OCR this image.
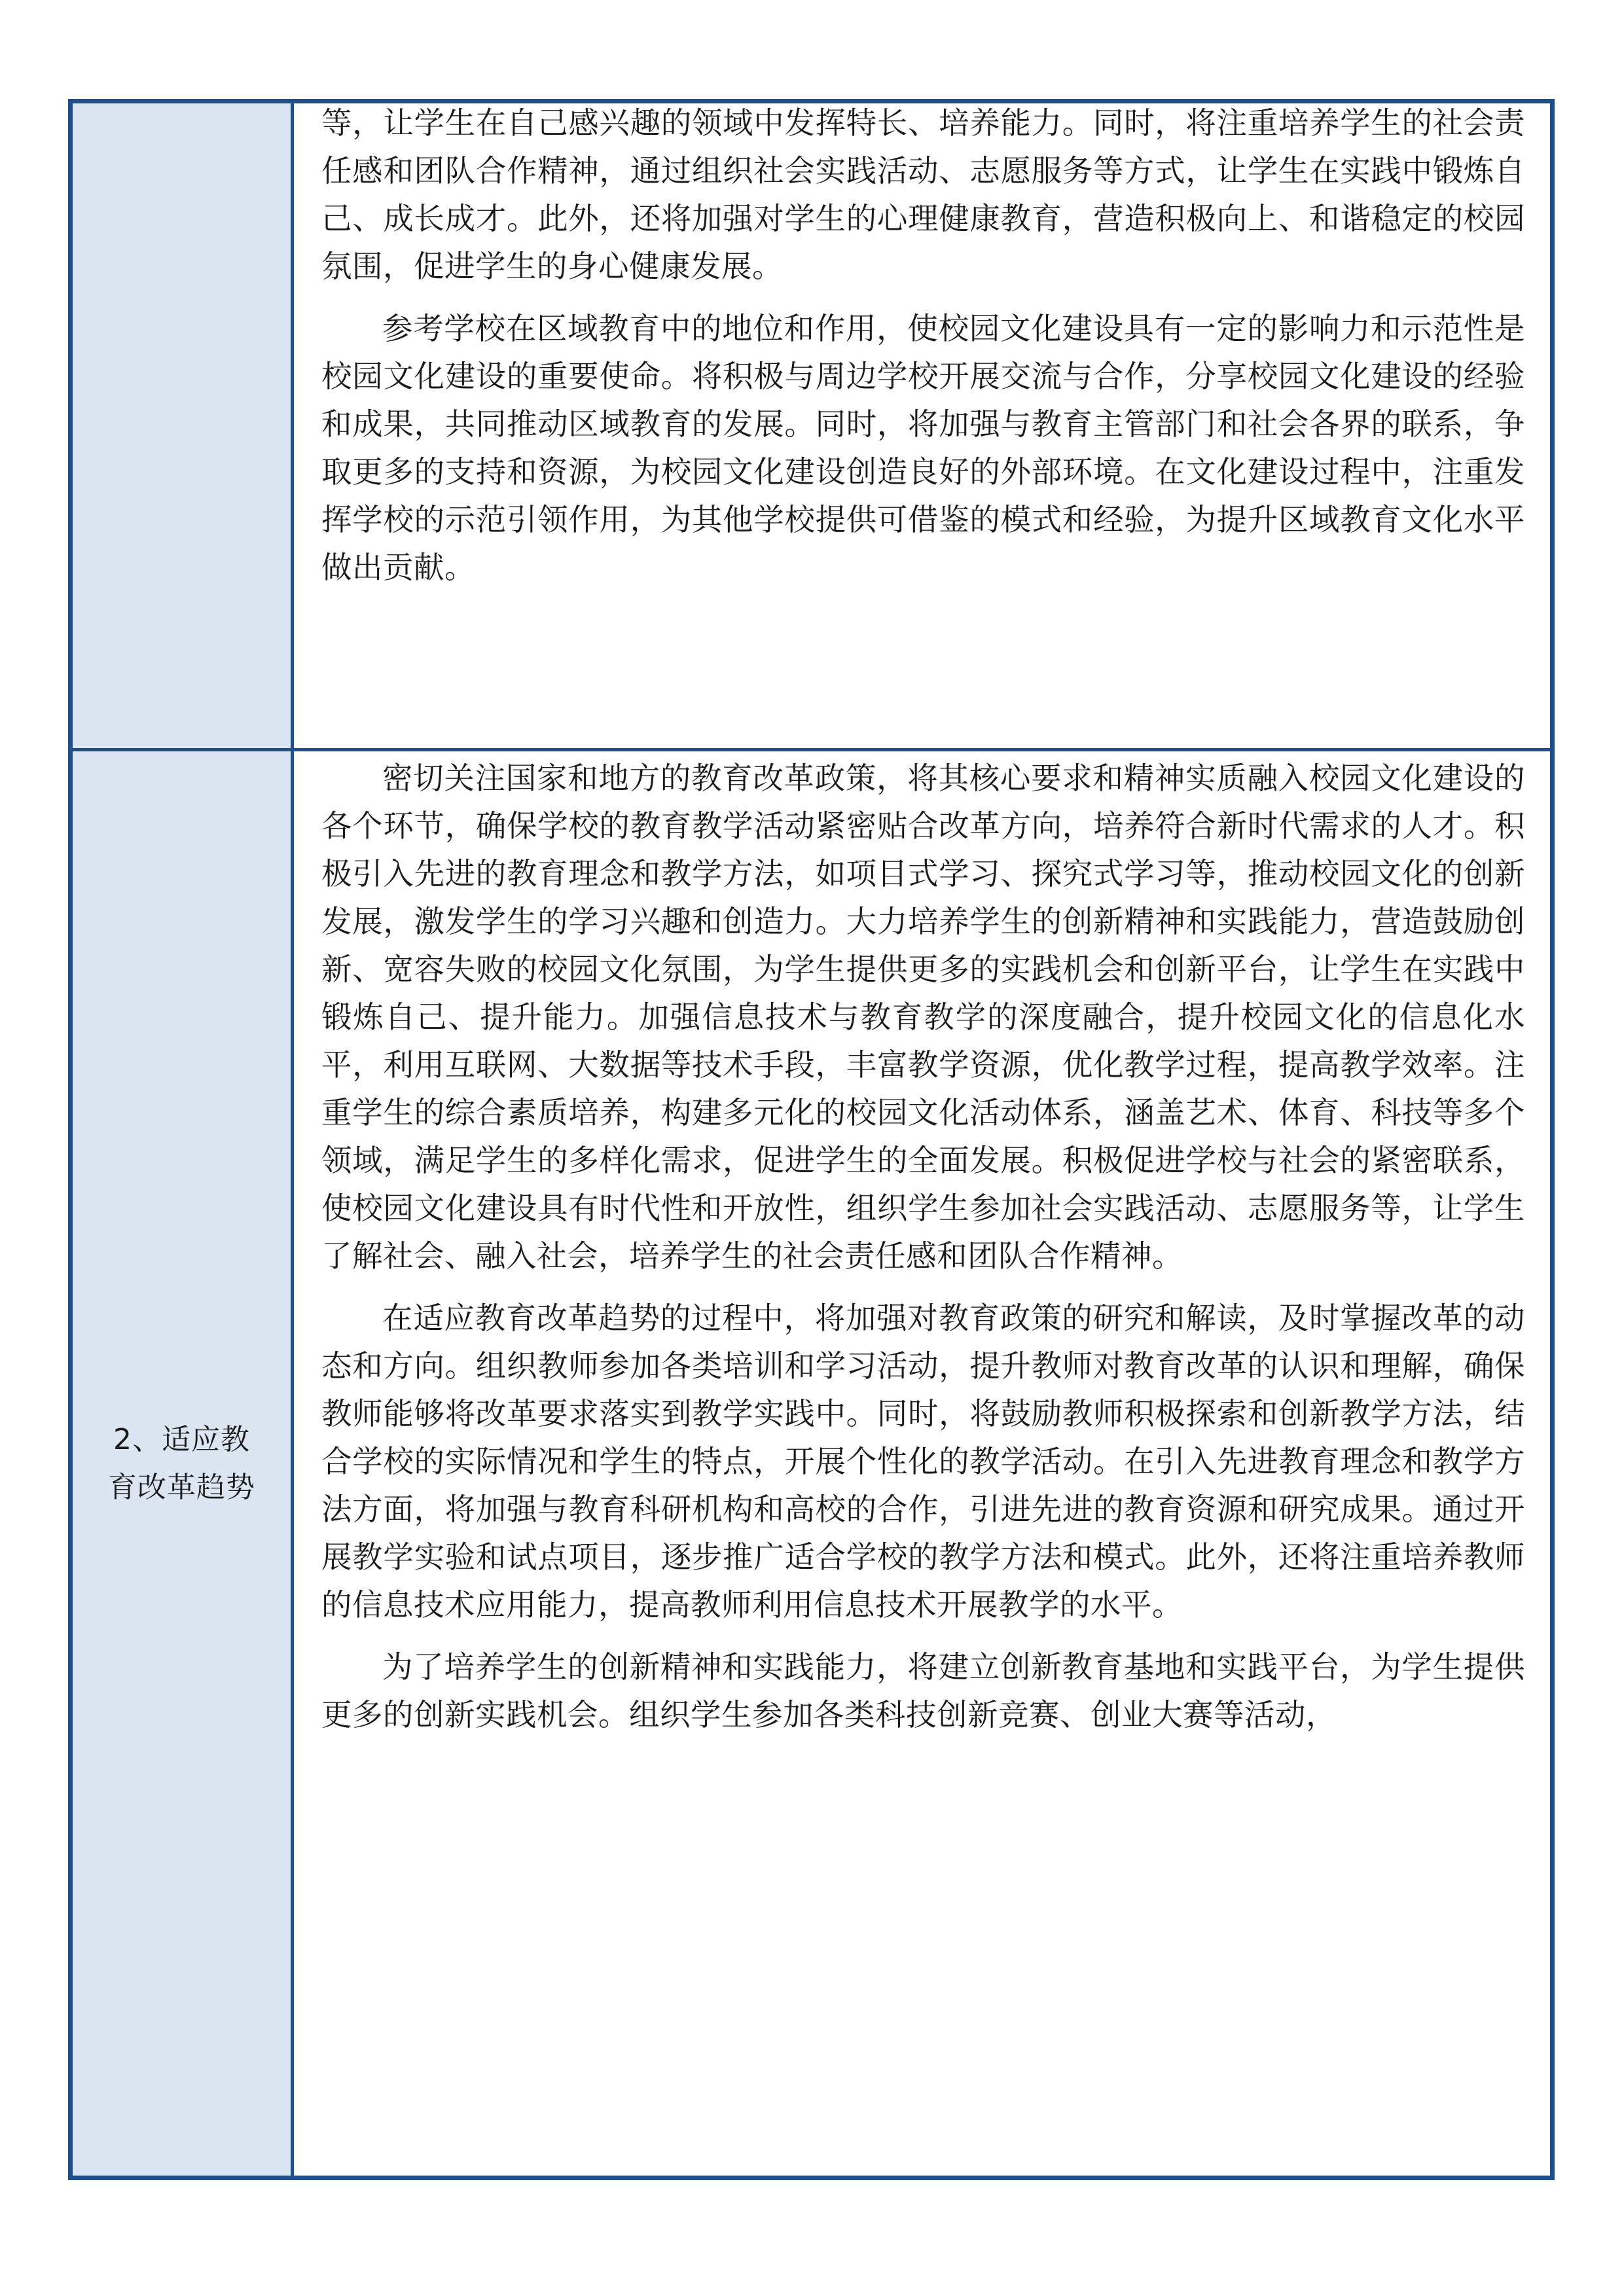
等，让学生在自己感兴趣的领域中发挥特长、培养能力。同时，将注重培养学生的社会责任感和团队合作精神，通过组织社会实践活动、志愿服务等方式，让学生在实践中锻炼自己、成长成才。此外，还将加强对学生的心理健康教育，营造积极向上、和谐稳定的校园氛围，促进学生的身心健康发展。

参考学校在区域教育中的地位和作用，使校园文化建设具有一定的影响力和示范性是校园文化建设的重要使命。将积极与周边学校开展交流与合作，分享校园文化建设的经验和成果，共同推动区域教育的发展。同时，将加强与教育主管部门和社会各界的联系，争取更多的支持和资源，为校园文化建设创造良好的外部环境。在文化建设过程中，注重发挥学校的示范引领作用，为其他学校提供可借鉴的模式和经验，为提升区域教育文化水平做出贡献。

2、适应教育改革趋势

密切关注国家和地方的教育改革政策，将其核心要求和精神实质融入校园文化建设的各个环节，确保学校的教育教学活动紧密贴合改革方向，培养符合新时代需求的人才。积极引入先进的教育理念和教学方法，如项目式学习、探究式学习等，推动校园文化的创新发展，激发学生的学习兴趣和创造力。大力培养学生的创新精神和实践能力，营造鼓励创新、宽容失败的校园文化氛围，为学生提供更多的实践机会和创新平台，让学生在实践中锻炼自己、提升能力。加强信息技术与教育教学的深度融合，提升校园文化的信息化水平，利用互联网、大数据等技术手段，丰富教学资源，优化教学过程，提高教学效率。注重学生的综合素质培养，构建多元化的校园文化活动体系，涵盖艺术、体育、科技等多个领域，满足学生的多样化需求，促进学生的全面发展。积极促进学校与社会的紧密联系，使校园文化建设具有时代性和开放性，组织学生参加社会实践活动、志愿服务等，让学生了解社会、融入社会，培养学生的社会责任感和团队合作精神。

在适应教育改革趋势的过程中，将加强对教育政策的研究和解读，及时掌握改革的动态和方向。组织教师参加各类培训和学习活动，提升教师对教育改革的认识和理解，确保教师能够将改革要求落实到教学实践中。同时，将鼓励教师积极探索和创新教学方法，结合学校的实际情况和学生的特点，开展个性化的教学活动。在引入先进教育理念和教学方法方面，将加强与教育科研机构和高校的合作，引进先进的教育资源和研究成果。通过开展教学实验和试点项目，逐步推广适合学校的教学方法和模式。此外，还将注重培养教师的信息技术应用能力，提高教师利用信息技术开展教学的水平。

为了培养学生的创新精神和实践能力，将建立创新教育基地和实践平台，为学生提供更多的创新实践机会。组织学生参加各类科技创新竞赛、创业大赛等活动，
